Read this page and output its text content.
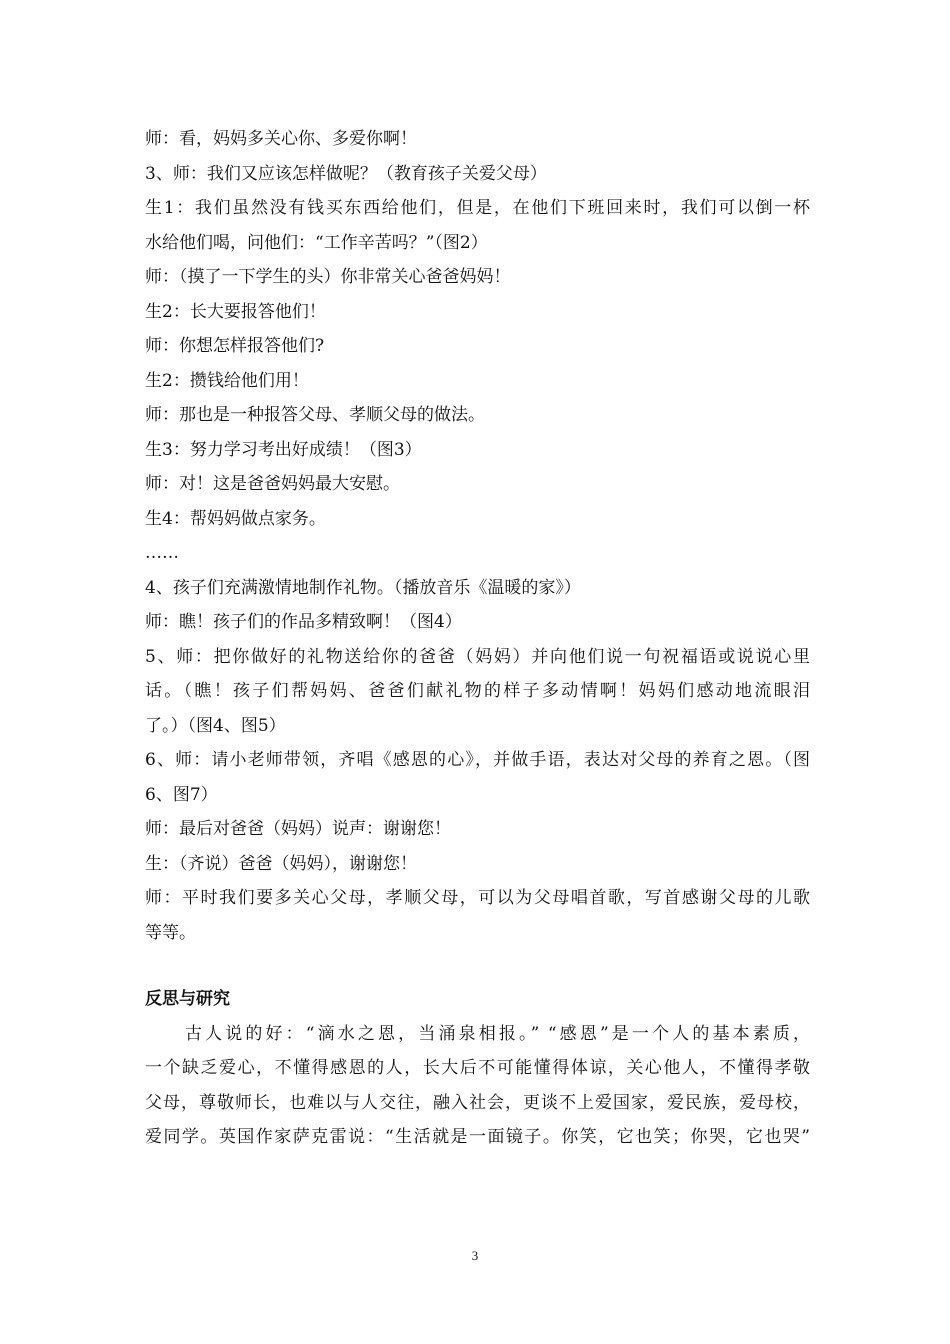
师：看，妈妈多关心你、多爱你啊！
3、师：我们又应该怎样做呢？（教育孩子关爱父母）
生1：我们虽然没有钱买东西给他们，但是，在他们下班回来时，我们可以倒一杯
水给他们喝，问他们：“工作辛苦吗？”（图2）
师：（摸了一下学生的头）你非常关心爸爸妈妈！
生2：长大要报答他们！
师：你想怎样报答他们?
生2：攒钱给他们用！
师：那也是一种报答父母、孝顺父母的做法。
生3：努力学习考出好成绩！（图3）
师：对！这是爸爸妈妈最大安慰。
生4：帮妈妈做点家务。
……
4、孩子们充满激情地制作礼物。（播放音乐《温暖的家》）
师：瞧！孩子们的作品多精致啊！（图4）
5、师：把你做好的礼物送给你的爸爸（妈妈）并向他们说一句祝福语或说说心里
话。（瞧！孩子们帮妈妈、爸爸们献礼物的样子多动情啊！妈妈们感动地流眼泪
了。）（图4、图5）
6、师：请小老师带领，齐唱《感恩的心》，并做手语，表达对父母的养育之恩。（图
6、图7）
师：最后对爸爸（妈妈）说声：谢谢您！
生：（齐说）爸爸（妈妈），谢谢您！
师：平时我们要多关心父母，孝顺父母，可以为父母唱首歌，写首感谢父母的儿歌
等等。
反思与研究
古人说的好：“滴水之恩，当涌泉相报。” “感恩”是一个人的基本素质，
一个缺乏爱心，不懂得感恩的人，长大后不可能懂得体谅，关心他人，不懂得孝敬
父母，尊敬师长，也难以与人交往，融入社会，更谈不上爱国家，爱民族，爱母校，
爱同学。英国作家萨克雷说：“生活就是一面镜子。你笑，它也笑；你哭，它也哭”
3
